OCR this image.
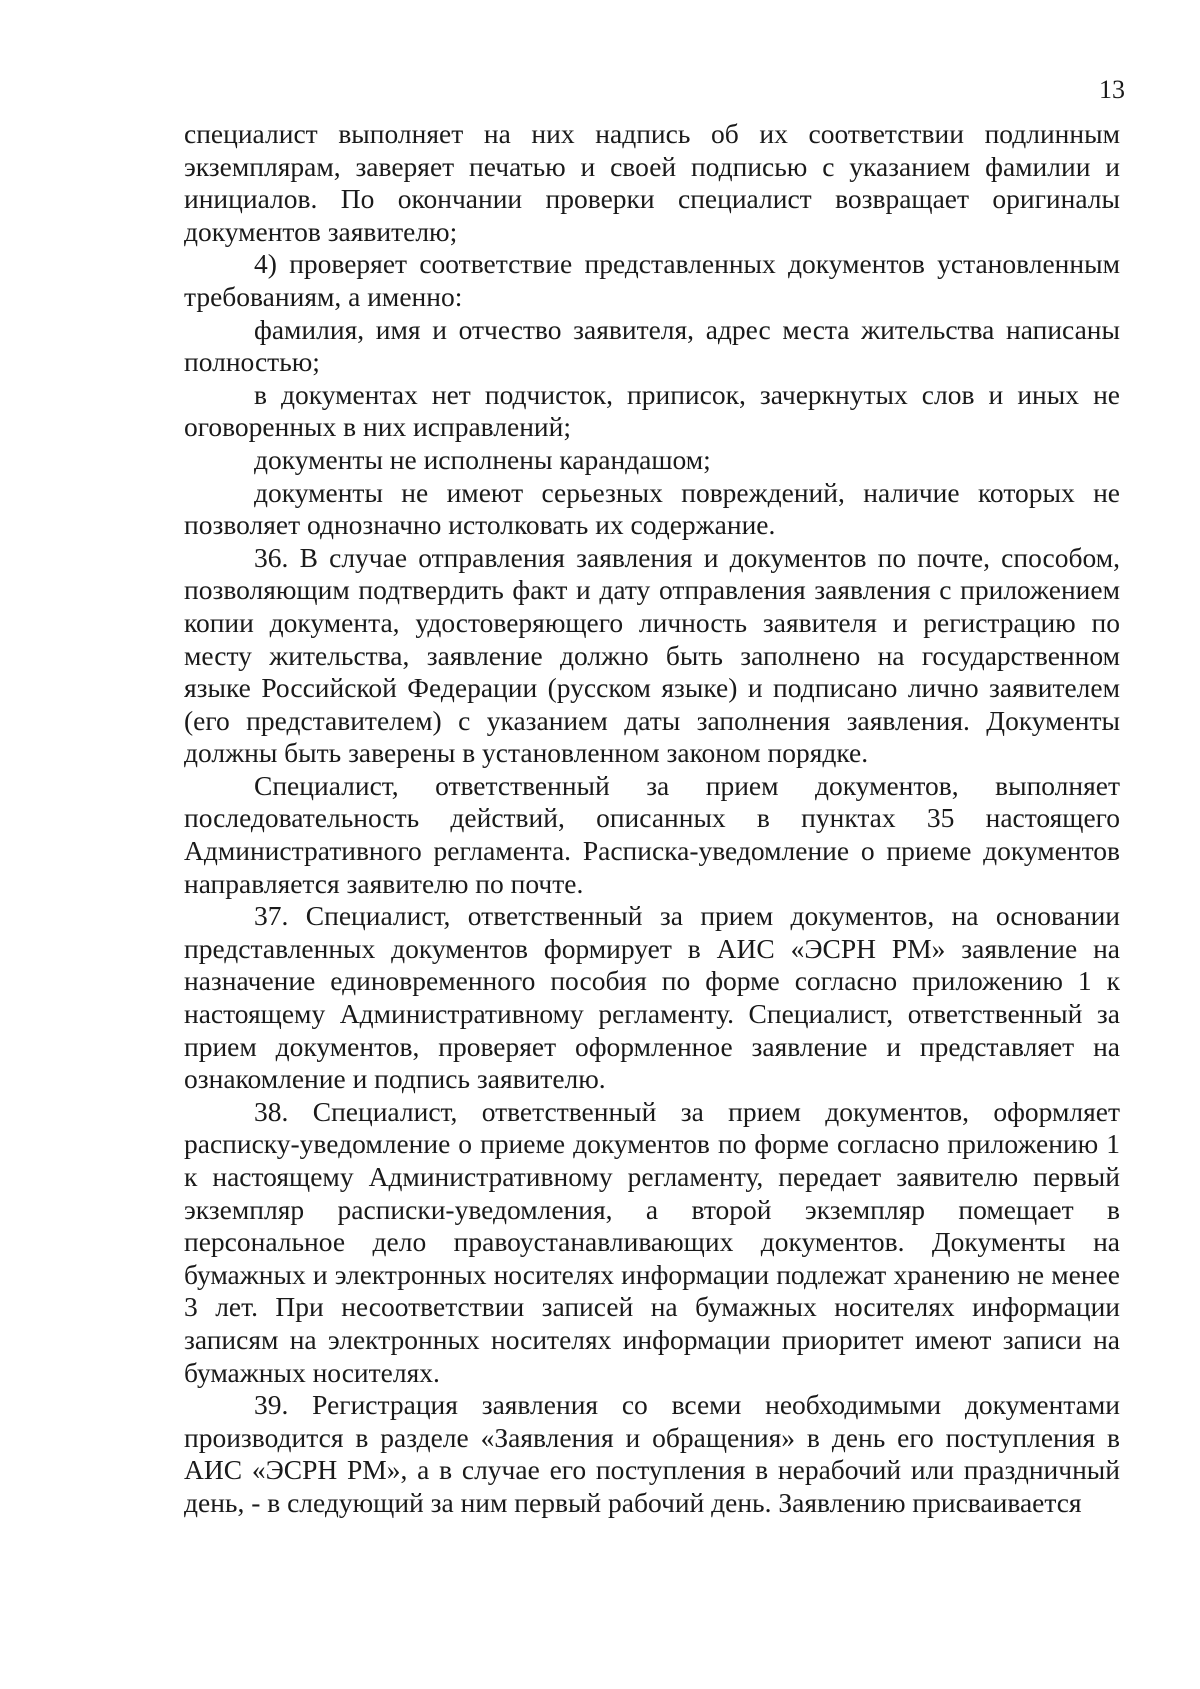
13

специалист выполняет на них надпись об их соответствии подлинным экземплярам, заверяет печатью и своей подписью с указанием фамилии и инициалов. По окончании проверки специалист возвращает оригиналы документов заявителю;

4) проверяет соответствие представленных документов установленным требованиям, а именно:

фамилия, имя и отчество заявителя, адрес места жительства написаны полностью;

в документах нет подчисток, приписок, зачеркнутых слов и иных не оговоренных в них исправлений;

документы не исполнены карандашом;

документы не имеют серьезных повреждений, наличие которых не позволяет однозначно истолковать их содержание.

36. В случае отправления заявления и документов по почте, способом, позволяющим подтвердить факт и дату отправления заявления с приложением копии документа, удостоверяющего личность заявителя и регистрацию по месту жительства, заявление должно быть заполнено на государственном языке Российской Федерации (русском языке) и подписано лично заявителем (его представителем) с указанием даты заполнения заявления. Документы должны быть заверены в установленном законом порядке.

Специалист, ответственный за прием документов, выполняет последовательность действий, описанных в пунктах 35 настоящего Административного регламента. Расписка-уведомление о приеме документов направляется заявителю по почте.

37. Специалист, ответственный за прием документов, на основании представленных документов формирует в АИС «ЭСРН РМ» заявление на назначение единовременного пособия по форме согласно приложению 1 к настоящему Административному регламенту. Специалист, ответственный за прием документов, проверяет оформленное заявление и представляет на ознакомление и подпись заявителю.

38. Специалист, ответственный за прием документов, оформляет расписку-уведомление о приеме документов по форме согласно приложению 1 к настоящему Административному регламенту, передает заявителю первый экземпляр расписки-уведомления, а второй экземпляр помещает в персональное дело правоустанавливающих документов. Документы на бумажных и электронных носителях информации подлежат хранению не менее 3 лет. При несоответствии записей на бумажных носителях информации записям на электронных носителях информации приоритет имеют записи на бумажных носителях.

39. Регистрация заявления со всеми необходимыми документами производится в разделе «Заявления и обращения» в день его поступления в АИС «ЭСРН РМ», а в случае его поступления в нерабочий или праздничный день, - в следующий за ним первый рабочий день. Заявлению присваивается
